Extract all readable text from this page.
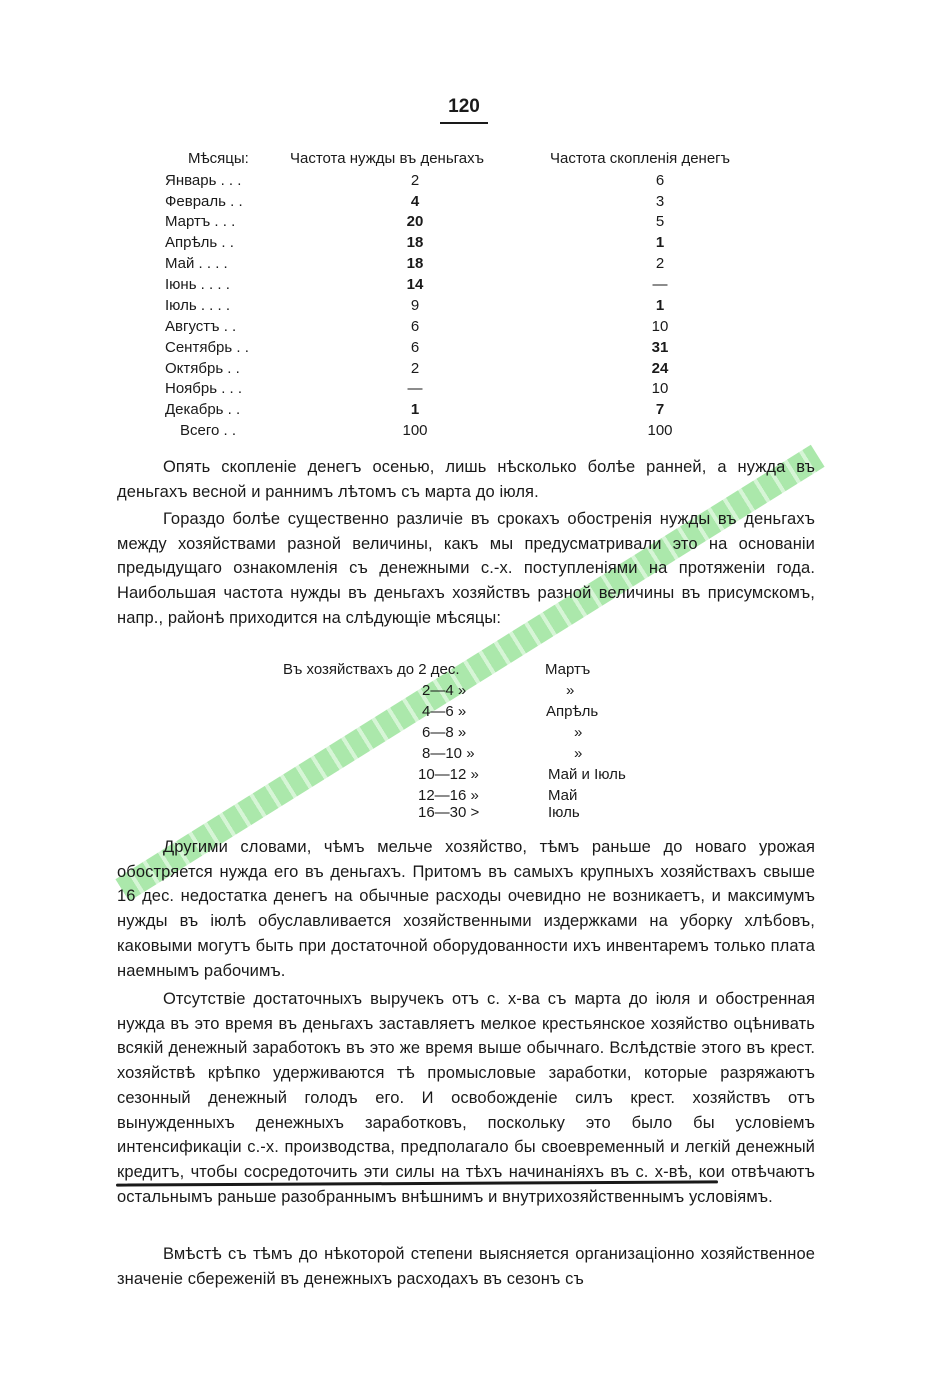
120
Мѣсяцы:	Частота нужды въ деньгахъ	Частота скопленія денегъ
Январь . . .	2	6
Февраль . .	4	3
Мартъ . . .	20	5
Апрѣль . .	18	1
Май . . . .	18	2
Іюнь . . . .	14	—
Іюль . . . .	9	1
Августъ . .	6	10
Сентябрь . .	6	31
Октябрь . .	2	24
Ноябрь . . .	—	10
Декабрь . .	1	7
Всего . .	100	100
Опять скопленіе денегъ осенью, лишь нѣсколько болѣе ранней, а нужда въ деньгахъ весной и раннимъ лѣтомъ съ марта до іюля.
Гораздо болѣе существенно различіе въ срокахъ обостренія нужды въ деньгахъ между хозяйствами разной величины, какъ мы предусматривали это на основаніи предыдущаго ознакомленія съ денежными с.-х. поступленіями на протяженіи года. Наибольшая частота нужды въ деньгахъ хозяйствъ разной величины въ присумскомъ, напр., районѣ приходится на слѣдующіе мѣсяцы:
Въ хозяйствахъ до 2 дес.	Мартъ
2—4 »	»
4—6 »	Апрѣль
6—8 »	»
8—10 »	»
10—12 »	Май и Іюль
12—16 »	Май
16—30 >	Іюль
Другими словами, чѣмъ мельче хозяйство, тѣмъ раньше до новаго урожая обостряется нужда его въ деньгахъ. Притомъ въ самыхъ крупныхъ хозяйствахъ свыше 16 дес. недостатка денегъ на обычные расходы очевидно не возникаетъ, и максимумъ нужды въ іюлѣ обуславливается хозяйственными издержками на уборку хлѣбовъ, каковыми могутъ быть при достаточной оборудованности ихъ инвентаремъ только плата наемнымъ рабочимъ.
Отсутствіе достаточныхъ выручекъ отъ с. х-ва съ марта до іюля и обостренная нужда въ это время въ деньгахъ заставляетъ мелкое крестьянское хозяйство оцѣнивать всякій денежный заработокъ въ это же время выше обычнаго. Вслѣдствіе этого въ крест. хозяйствѣ крѣпко удерживаются тѣ промысловые заработки, которые разряжаютъ сезонный денежный голодъ его. И освобожденіе силъ крест. хозяйствъ отъ вынужденныхъ денежныхъ заработковъ, поскольку это было бы условіемъ интенсификаціи с.-х. производства, предполагало бы своевременный и легкій денежный кредитъ, чтобы сосредоточить эти силы на тѣхъ начинаніяхъ въ с. х-вѣ, кои отвѣчаютъ остальнымъ раньше разобраннымъ внѣшнимъ и внутрихозяйственнымъ условіямъ.
Вмѣстѣ съ тѣмъ до нѣкоторой степени выясняется организаціонно хозяйственное значеніе сбереженій въ денежныхъ расходахъ въ сезонъ съ
